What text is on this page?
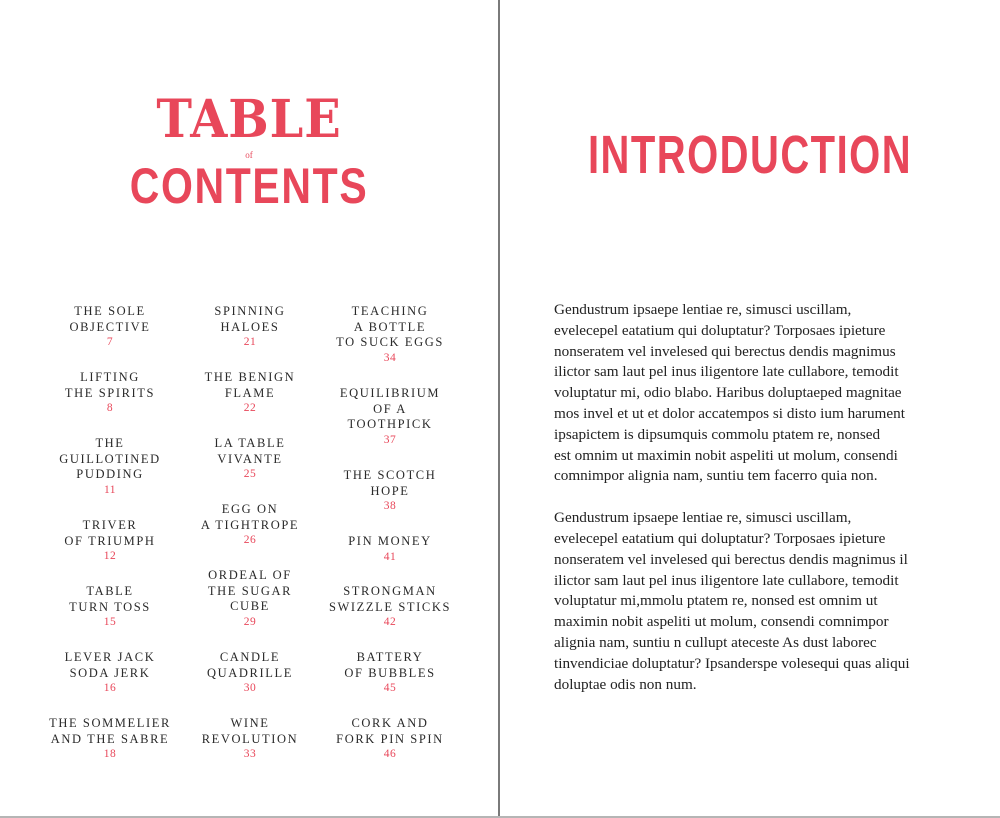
TABLE
of
CONTENTS
THE SOLE
OBJECTIVE
7
LIFTING
THE SPIRITS
8
THE
GUILLOTINED
PUDDING
11
TRIVER
OF TRIUMPH
12
TABLE
TURN TOSS
15
LEVER JACK
SODA JERK
16
THE SOMMELIER
AND THE SABRE
18
SPINNING
HALOES
21
THE BENIGN
FLAME
22
LA TABLE
VIVANTE
25
EGG ON
A TIGHTROPE
26
ORDEAL OF
THE SUGAR
CUBE
29
CANDLE
QUADRILLE
30
WINE
REVOLUTION
33
TEACHING
A BOTTLE
TO SUCK EGGS
34
EQUILIBRIUM
OF A
TOOTHPICK
37
THE SCOTCH
HOPE
38
PIN MONEY
41
STRONGMAN
SWIZZLE STICKS
42
BATTERY
OF BUBBLES
45
CORK AND
FORK PIN SPIN
46
INTRODUCTION

Gendustrum ipsaepe lentiae re, simusci uscillam,
evelecepel eatatium qui doluptatur? Torposaes ipieture
nonseratem vel invelesed qui berectus dendis magnimus
ilictor sam laut pel inus iligentore late cullabore, temodit
voluptatur mi, odio blabo. Haribus doluptaeped magnitae
mos invel et ut et dolor accatempos si disto ium harument
ipsapictem is dipsumquis commolu ptatem re, nonsed
est omnim ut maximin nobit aspeliti ut molum, consendi
comnimpor alignia nam, suntiu tem facerro quia non.

Gendustrum ipsaepe lentiae re, simusci uscillam,
evelecepel eatatium qui doluptatur? Torposaes ipieture
nonseratem vel invelesed qui berectus dendis magnimus il
ilictor sam laut pel inus iligentore late cullabore, temodit
voluptatur mi,mmolu ptatem re, nonsed est omnim ut
maximin nobit aspeliti ut molum, consendi comnimpor
alignia nam, suntiu n cullupt ateceste As dust laborec
tinvendiciae doluptatur? Ipsanderspe volesequi quas aliqui
doluptae odis non num.
